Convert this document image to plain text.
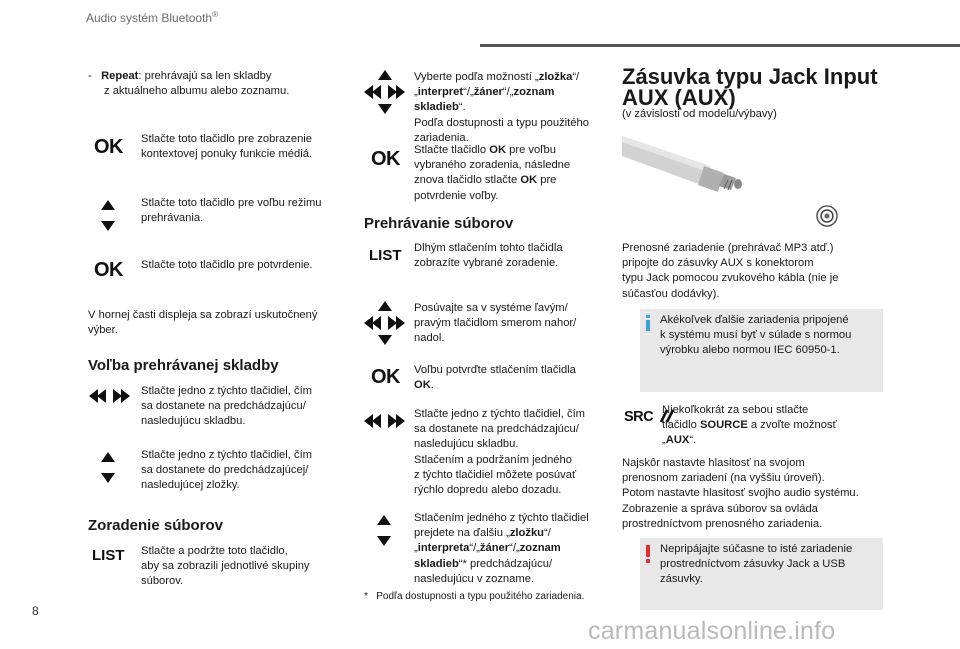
Audio systém Bluetooth®
- Repeat: prehrávajú sa len skladby
z aktuálneho albumu alebo zoznamu.
OK Stlačte toto tlačidlo pre zobrazenie
kontextovej ponuky funkcie médiá.
Stlačte toto tlačidlo pre voľbu režimu
prehrávania.
OK Stlačte toto tlačidlo pre potvrdenie.
V hornej časti displeja sa zobrazí uskutočnený
výber.
Voľba prehrávanej skladby
Stlačte jedno z týchto tlačidiel, čím
sa dostanete na predchádzajúcu/
nasledujúcu skladbu.
Stlačte jedno z týchto tlačidiel, čím
sa dostanete do predchádzajúcej/
nasledujúcej zložky.
Zoradenie súborov
LIST Stlačte a podržte toto tlačidlo,
aby sa zobrazili jednotlivé skupiny
súborov.
Vyberte podľa možností „zložka“/
„interpret“/„žáner“/„zoznam
skladieb“.
Podľa dostupnosti a typu použitého
zariadenia.
OK Stlačte tlačidlo OK pre voľbu
vybraného zoradenia, následne
znova tlačidlo stlačte OK pre
potvrdenie voľby.
Prehrávanie súborov
LIST Dlhým stlačením tohto tlačidla
zobrazíte vybrané zoradenie.
Posúvajte sa v systéme ľavým/
pravým tlačidlom smerom nahor/
nadol.
OK Voľbu potvrďte stlačením tlačidla
OK.
Stlačte jedno z týchto tlačidiel, čím
sa dostanete na predchádzajúcu/
nasledujúcu skladbu.
Stlačením a podržaním jedného
z týchto tlačidiel môžete posúvať
rýchlo dopredu alebo dozadu.
Stlačením jedného z týchto tlačidiel
prejdete na ďalšiu „zložku“/
„interpreta“/„žáner“/„zoznam
skladieb“* predchádzajúcu/
nasledujúcu v zozname.
* Podľa dostupnosti a typu použitého zariadenia.
Zásuvka typu Jack Input
AUX (AUX)
(v závislosti od modelu/výbavy)
Prenosné zariadenie (prehrávač MP3 atď.)
pripojte do zásuvky AUX s konektorom
typu Jack pomocou zvukového kábla (nie je
súčasťou dodávky).
Akékoľvek ďalšie zariadenia pripojené
k systému musí byť v súlade s normou
výrobku alebo normou IEC 60950-1.
SRC Niekoľkokrát za sebou stlačte
tlačidlo SOURCE a zvoľte možnosť
„AUX“.
Najskôr nastavte hlasitosť na svojom
prenosnom zariadení (na vyššiu úroveň).
Potom nastavte hlasitosť svojho audio systému.
Zobrazenie a správa súborov sa ovláda
prostredníctvom prenosného zariadenia.
Nepripájajte súčasne to isté zariadenie
prostredníctvom zásuvky Jack a USB
zásuvky.
8
carmanualsonline.info
